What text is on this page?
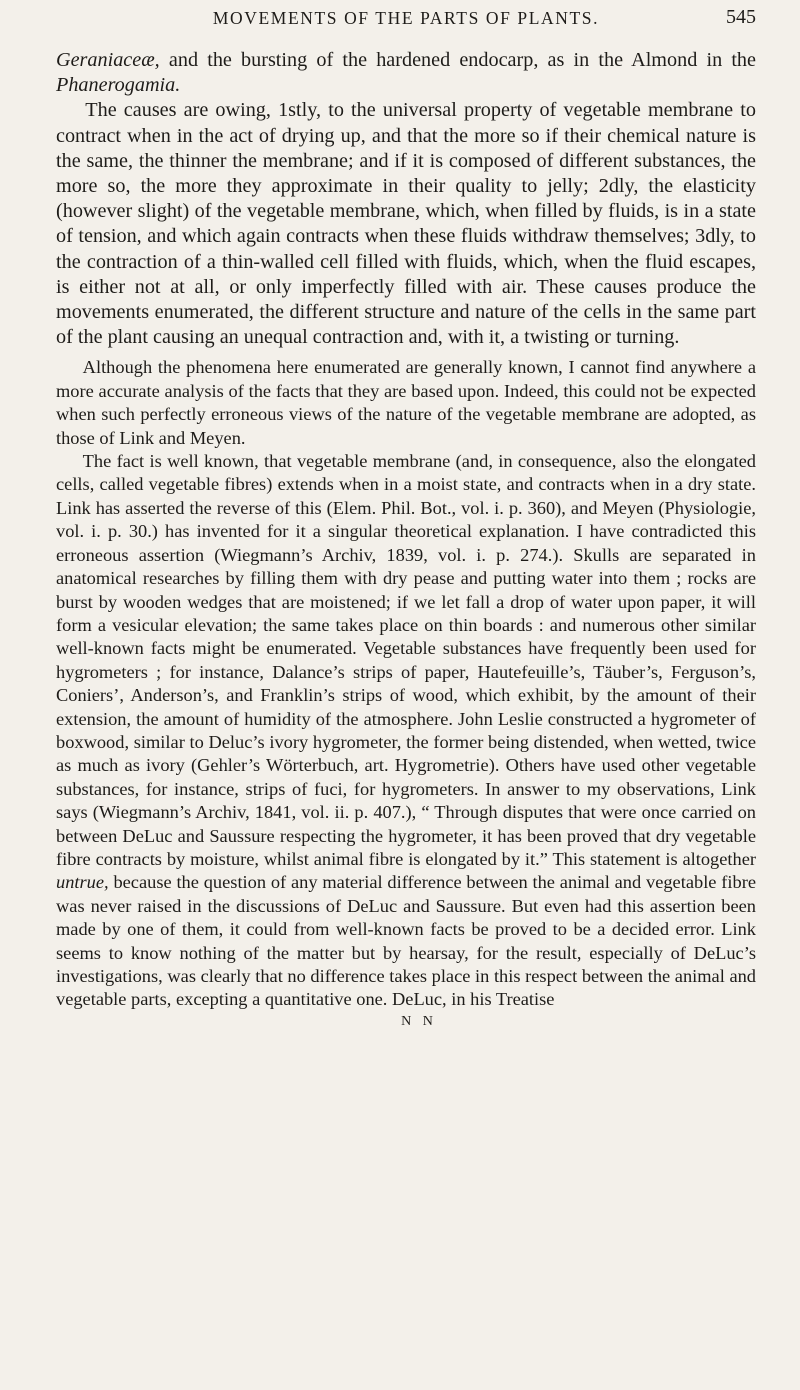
MOVEMENTS OF THE PARTS OF PLANTS.	545

Geraniaceæ, and the bursting of the hardened endocarp, as in the Almond in the Phanerogamia.

The causes are owing, 1stly, to the universal property of vegetable membrane to contract when in the act of drying up, and that the more so if their chemical nature is the same, the thinner the membrane; and if it is composed of different substances, the more so, the more they approximate in their quality to jelly; 2dly, the elasticity (however slight) of the vegetable membrane, which, when filled by fluids, is in a state of tension, and which again contracts when these fluids withdraw themselves; 3dly, to the contraction of a thin-walled cell filled with fluids, which, when the fluid escapes, is either not at all, or only imperfectly filled with air. These causes produce the movements enumerated, the different structure and nature of the cells in the same part of the plant causing an unequal contraction and, with it, a twisting or turning.

Although the phenomena here enumerated are generally known, I cannot find anywhere a more accurate analysis of the facts that they are based upon. Indeed, this could not be expected when such perfectly erroneous views of the nature of the vegetable membrane are adopted, as those of Link and Meyen.

The fact is well known, that vegetable membrane (and, in consequence, also the elongated cells, called vegetable fibres) extends when in a moist state, and contracts when in a dry state. Link has asserted the reverse of this (Elem. Phil. Bot., vol. i. p. 360), and Meyen (Physiologie, vol. i. p. 30.) has invented for it a singular theoretical explanation. I have contradicted this erroneous assertion (Wiegmann’s Archiv, 1839, vol. i. p. 274.). Skulls are separated in anatomical researches by filling them with dry pease and putting water into them ; rocks are burst by wooden wedges that are moistened; if we let fall a drop of water upon paper, it will form a vesicular elevation; the same takes place on thin boards : and numerous other similar well-known facts might be enumerated. Vegetable substances have frequently been used for hygrometers ; for instance, Dalance’s strips of paper, Hautefeuille’s, Täuber’s, Ferguson’s, Coniers’, Anderson’s, and Franklin’s strips of wood, which exhibit, by the amount of their extension, the amount of humidity of the atmosphere. John Leslie constructed a hygrometer of boxwood, similar to Deluc’s ivory hygrometer, the former being distended, when wetted, twice as much as ivory (Gehler’s Wörterbuch, art. Hygrometrie). Others have used other vegetable substances, for instance, strips of fuci, for hygrometers. In answer to my observations, Link says (Wiegmann’s Archiv, 1841, vol. ii. p. 407.), “ Through disputes that were once carried on between DeLuc and Saussure respecting the hygrometer, it has been proved that dry vegetable fibre contracts by moisture, whilst animal fibre is elongated by it.” This statement is altogether untrue, because the question of any material difference between the animal and vegetable fibre was never raised in the discussions of DeLuc and Saussure. But even had this assertion been made by one of them, it could from well-known facts be proved to be a decided error. Link seems to know nothing of the matter but by hearsay, for the result, especially of DeLuc’s investigations, was clearly that no difference takes place in this respect between the animal and vegetable parts, excepting a quantitative one. DeLuc, in his Treatise

N N
